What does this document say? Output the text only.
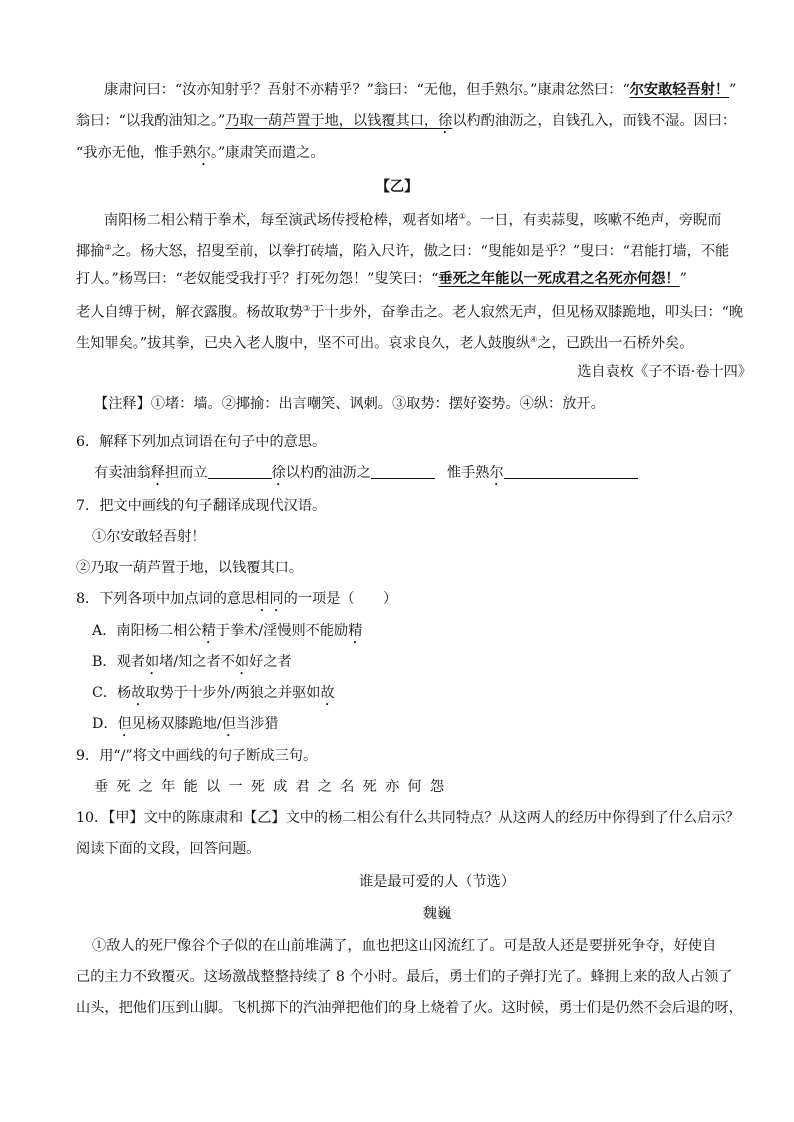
康肃问曰：“汝亦知射乎？吾射不亦精乎？”翁曰：“无他，但手熟尔。”康肃忿然曰：“尔安敢轻吾射！”
翁曰：“以我酌油知之。”乃取一葫芦置于地，以钱覆其口，徐以杓酌油沥之，自钱孔入，而钱不湿。因曰：
“我亦无他，惟手熟尔。”康肃笑而遣之。
【乙】
南阳杨二相公精于拳术，每至演武场传授枪棒，观者如堵①。一日，有卖蒜叟，咳嗽不绝声，旁睨而
揶揄②之。杨大怒，招叟至前，以拳打砖墙，陷入尺许，傲之曰：“叟能如是乎？”叟曰：“君能打墙，不能
打人。”杨骂曰：“老奴能受我打乎？打死勿怨！”叟笑曰：“垂死之年能以一死成君之名死亦何怨！”
老人自缚于树，解衣露腹。杨故取势③于十步外，奋拳击之。老人寂然无声，但见杨双膝跪地，叩头曰：“晚
生知罪矣。”拔其拳，已央入老人腹中，坚不可出。哀求良久，老人鼓腹纵④之，已跌出一石桥外矣。
选自袁枚《子不语·卷十四》
【注释】①堵：墙。②揶揄：出言嘲笑、讽刺。③取势：摆好姿势。④纵：放开。
6．解释下列加点词语在句子中的意思。
有卖油翁释担而立	徐以杓酌油沥之	惟手熟尔
7．把文中画线的句子翻译成现代汉语。
①尔安敢轻吾射！
②乃取一葫芦置于地，以钱覆其口。
8．下列各项中加点词的意思相同的一项是（　　）
A．南阳杨二相公精于拳术/淫慢则不能励精
B．观者如堵/知之者不如好之者
C．杨故取势于十步外/两狼之并驱如故
D．但见杨双膝跪地/但当涉猎
9．用“/”将文中画线的句子断成三句。
垂死之年能以一死成君之名死亦何怨
10．【甲】文中的陈康肃和【乙】文中的杨二相公有什么共同特点？从这两人的经历中你得到了什么启示？
阅读下面的文段，回答问题。
谁是最可爱的人（节选）
魏巍
①敌人的死尸像谷个子似的在山前堆满了，血也把这山冈流红了。可是敌人还是要拼死争夺，好使自
己的主力不致覆灭。这场激战整整持续了 8 个小时。最后，勇士们的子弹打光了。蜂拥上来的敌人占领了
山头，把他们压到山脚。飞机掷下的汽油弹把他们的身上烧着了火。这时候，勇士们是仍然不会后退的呀，
